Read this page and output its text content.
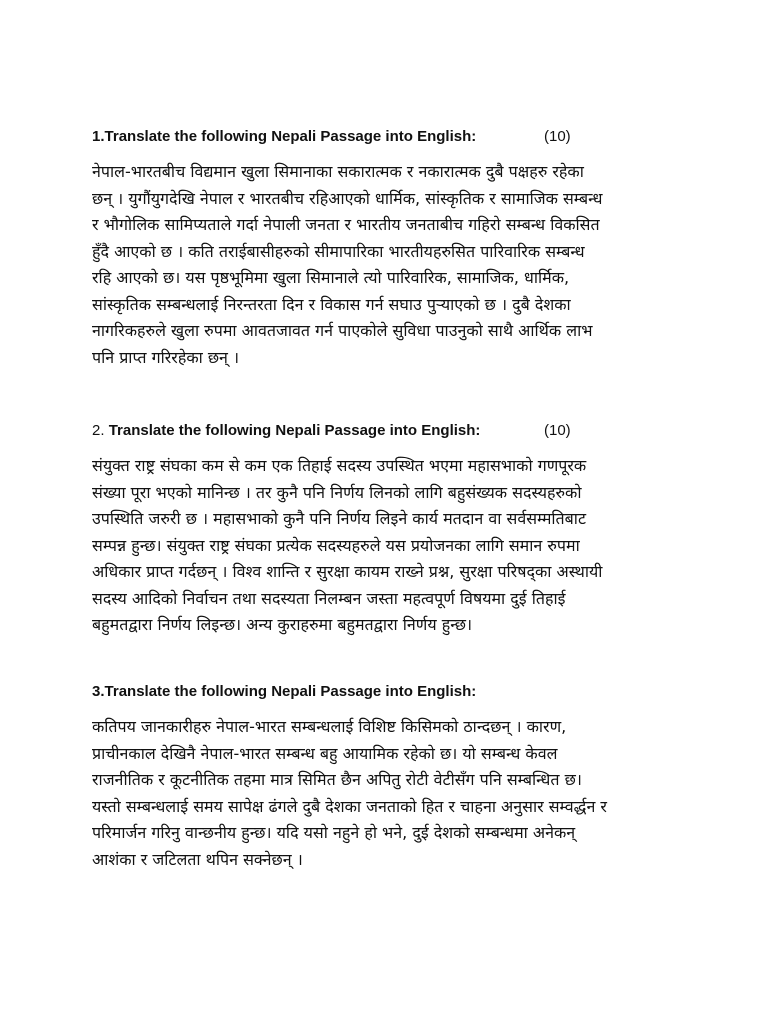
1.Translate the following Nepali Passage into English:	(10)
नेपाल-भारतबीच विद्यमान खुला सिमानाका सकारात्मक र नकारात्मक दुबै पक्षहरु रहेका
छन् । युगौंयुगदेखि नेपाल र भारतबीच रहिआएको धार्मिक, सांस्कृतिक र सामाजिक सम्बन्ध
र भौगोलिक सामिप्यताले गर्दा नेपाली जनता र भारतीय जनताबीच गहिरो सम्बन्ध विकसित
हुँदै आएको छ । कति तराईबासीहरुको सीमापारिका भारतीयहरुसित पारिवारिक सम्बन्ध
रहि आएको छ। यस पृष्ठभूमिमा खुला सिमानाले त्यो पारिवारिक, सामाजिक, धार्मिक,
सांस्कृतिक सम्बन्धलाई निरन्तरता दिन र विकास गर्न सघाउ पुऱ्याएको छ । दुबै देशका
नागरिकहरुले खुला रुपमा आवतजावत गर्न पाएकोले सुविधा पाउनुको साथै आर्थिक लाभ
पनि प्राप्त गरिरहेका छन् ।
2. Translate the following Nepali Passage into English:	(10)
संयुक्त राष्ट्र संघका कम से कम एक तिहाई सदस्य उपस्थित भएमा महासभाको गणपूरक
संख्या पूरा भएको मानिन्छ । तर कुनै पनि निर्णय लिनको लागि बहुसंख्यक सदस्यहरुको
उपस्थिति जरुरी छ । महासभाको कुनै पनि निर्णय लिइने कार्य मतदान वा सर्वसम्मतिबाट
सम्पन्न हुन्छ। संयुक्त राष्ट्र संघका प्रत्येक सदस्यहरुले यस प्रयोजनका लागि समान रुपमा
अधिकार प्राप्त गर्दछन् । विश्व शान्ति र सुरक्षा कायम राख्ने प्रश्न, सुरक्षा परिषद्का अस्थायी
सदस्य आदिको निर्वाचन तथा सदस्यता निलम्बन जस्ता महत्वपूर्ण विषयमा दुई तिहाई
बहुमतद्वारा निर्णय लिइन्छ। अन्य कुराहरुमा बहुमतद्वारा निर्णय हुन्छ।
3.Translate the following Nepali Passage into English:
कतिपय जानकारीहरु नेपाल-भारत सम्बन्धलाई विशिष्ट किसिमको ठान्दछन् । कारण,
प्राचीनकाल देखिनै नेपाल-भारत सम्बन्ध बहु आयामिक रहेको छ। यो सम्बन्ध केवल
राजनीतिक र कूटनीतिक तहमा मात्र सिमित छैन अपितु रोटी वेटीसँग पनि सम्बन्धित छ।
यस्तो सम्बन्धलाई समय सापेक्ष ढंगले दुबै देशका जनताको हित र चाहना अनुसार सम्वर्द्धन र
परिमार्जन गरिनु वान्छनीय हुन्छ। यदि यसो नहुने हो भने, दुई देशको सम्बन्धमा अनेकन्
आशंका र जटिलता थपिन सक्नेछन् ।
